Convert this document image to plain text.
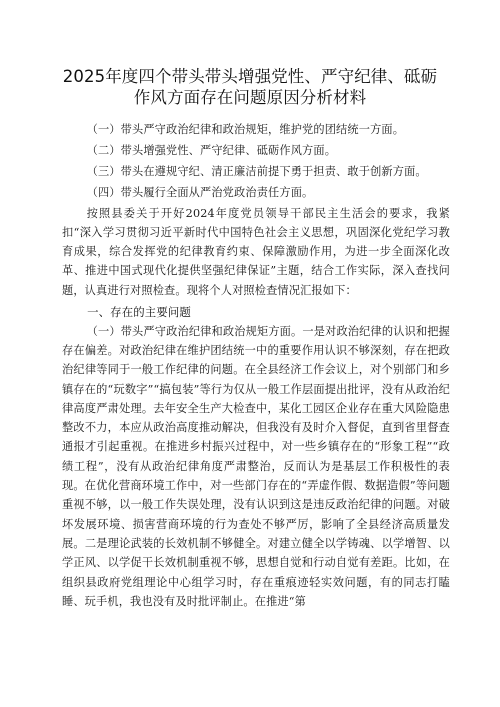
2025年度四个带头带头增强党性、严守纪律、砥砺
作风方面存在问题原因分析材料

（一）带头严守政治纪律和政治规矩，维护党的团结统一方面。

（二）带头增强党性、严守纪律、砥砺作风方面。

（三）带头在遵规守纪、清正廉洁前提下勇于担责、敢于创新方面。

（四）带头履行全面从严治党政治责任方面。

按照县委关于开好2024年度党员领导干部民主生活会的要求，我紧扣“深入学习贯彻习近平新时代中国特色社会主义思想，巩固深化党纪学习教育成果，综合发挥党的纪律教育约束、保障激励作用，为进一步全面深化改革、推进中国式现代化提供坚强纪律保证”主题，结合工作实际，深入查找问题，认真进行对照检查。现将个人对照检查情况汇报如下：

一、存在的主要问题

（一）带头严守政治纪律和政治规矩方面。一是对政治纪律的认识和把握存在偏差。对政治纪律在维护团结统一中的重要作用认识不够深刻，存在把政治纪律等同于一般工作纪律的问题。在全县经济工作会议上，对个别部门和乡镇存在的“玩数字”“搞包装”等行为仅从一般工作层面提出批评，没有从政治纪律高度严肃处理。去年安全生产大检查中，某化工园区企业存在重大风险隐患整改不力，本应从政治高度推动解决，但我没有及时介入督促，直到省里督查通报才引起重视。在推进乡村振兴过程中，对一些乡镇存在的“形象工程”“政绩工程”，没有从政治纪律角度严肃整治，反而认为是基层工作积极性的表现。在优化营商环境工作中，对一些部门存在的“弄虚作假、数据造假”等问题重视不够，以一般工作失误处理，没有认识到这是违反政治纪律的问题。对破坏发展环境、损害营商环境的行为查处不够严厉，影响了全县经济高质量发展。二是理论武装的长效机制不够健全。对建立健全以学铸魂、以学增智、以学正风、以学促干长效机制重视不够，思想自觉和行动自觉有差距。比如，在组织县政府党组理论中心组学习时，存在重痕迹轻实效问题，有的同志打瞌睡、玩手机，我也没有及时批评制止。在推进“第
